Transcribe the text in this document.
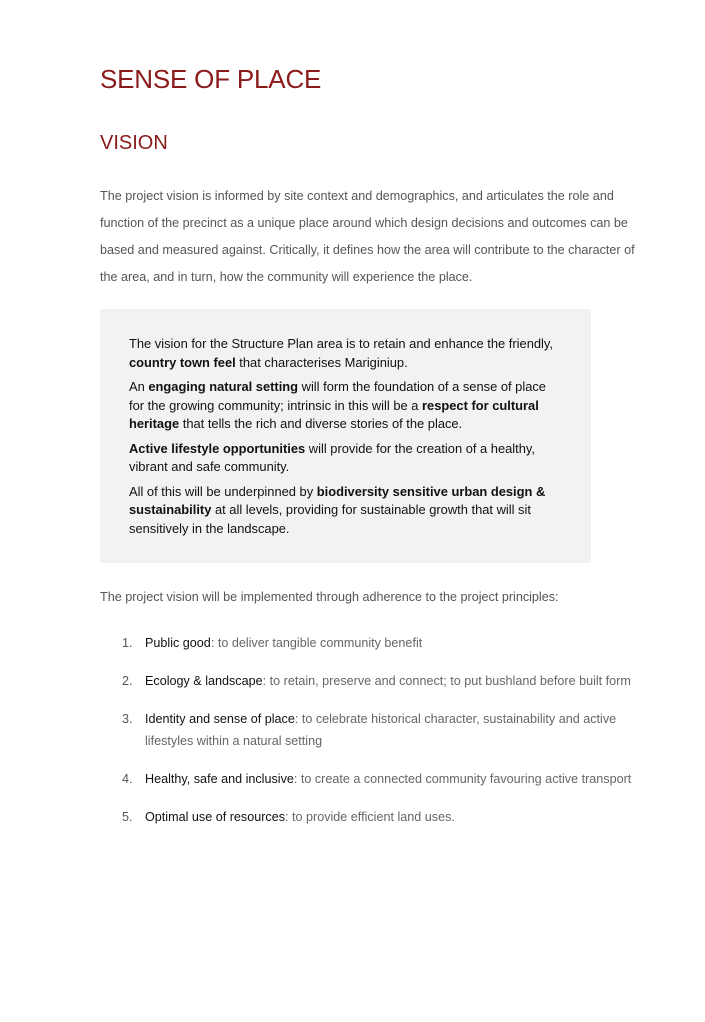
SENSE OF PLACE
VISION

The project vision is informed by site context and demographics, and articulates the role and function of the precinct as a unique place around which design decisions and outcomes can be based and measured against. Critically, it defines how the area will contribute to the character of the area, and in turn, how the community will experience the place.

The vision for the Structure Plan area is to retain and enhance the friendly, country town feel that characterises Mariginiup.

An engaging natural setting will form the foundation of a sense of place for the growing community; intrinsic in this will be a respect for cultural heritage that tells the rich and diverse stories of the place.

Active lifestyle opportunities will provide for the creation of a healthy, vibrant and safe community.

All of this will be underpinned by biodiversity sensitive urban design & sustainability at all levels, providing for sustainable growth that will sit sensitively in the landscape.

The project vision will be implemented through adherence to the project principles:

1. Public good: to deliver tangible community benefit
2. Ecology & landscape: to retain, preserve and connect; to put bushland before built form
3. Identity and sense of place: to celebrate historical character, sustainability and active
lifestyles within a natural setting
4. Healthy, safe and inclusive: to create a connected community favouring active transport
5. Optimal use of resources: to provide efficient land uses.
